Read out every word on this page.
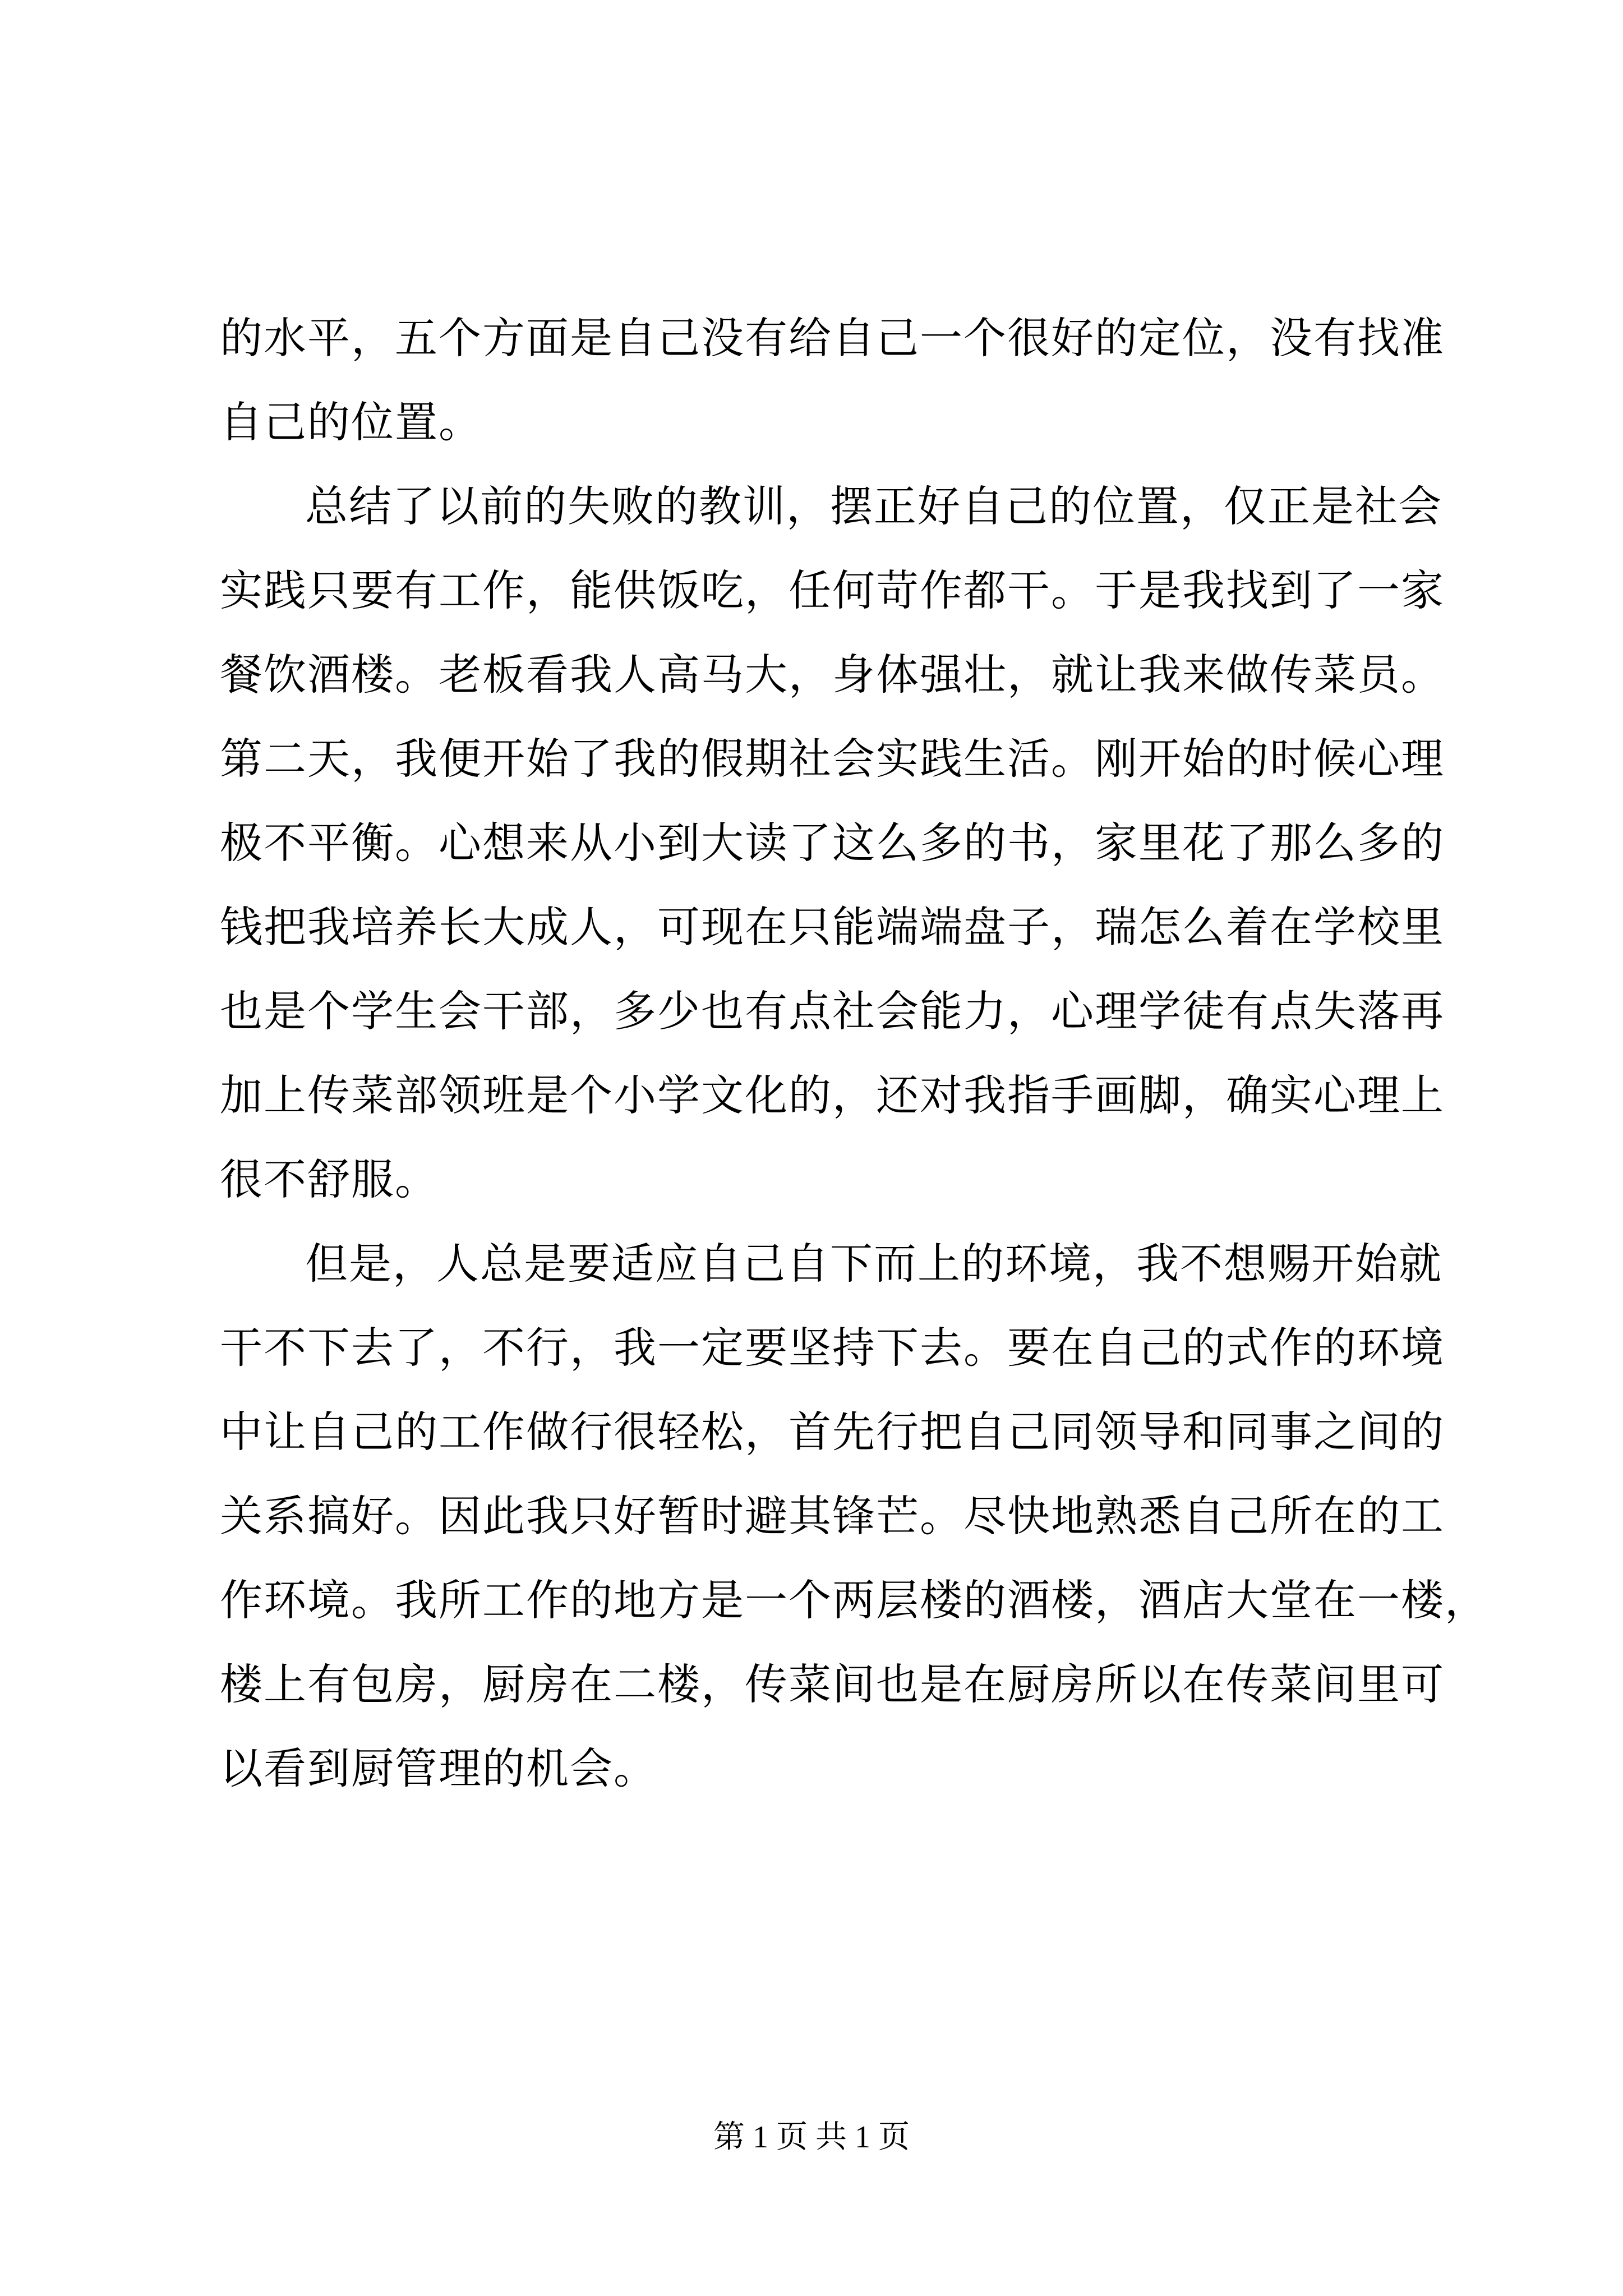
的水平，五个方面是自己没有给自己一个很好的定位，没有找准
自己的位置。
总结了以前的失败的教训，摆正好自己的位置，仅正是社会
实践只要有工作，能供饭吃，任何苛作都干。于是我找到了一家
餐饮酒楼。老板看我人高马大，身体强壮，就让我来做传菜员。
第二天，我便开始了我的假期社会实践生活。刚开始的时候心理
极不平衡。心想来从小到大读了这么多的书，家里花了那么多的
钱把我培养长大成人，可现在只能端端盘子，瑞怎么着在学校里
也是个学生会干部，多少也有点社会能力，心理学徒有点失落再
加上传菜部领班是个小学文化的，还对我指手画脚，确实心理上
很不舒服。
但是，人总是要适应自己自下而上的环境，我不想赐开始就
干不下去了，不行，我一定要坚持下去。要在自己的式作的环境
中让自己的工作做行很轻松，首先行把自己同领导和同事之间的
关系搞好。因此我只好暂时避其锋芒。尽快地熟悉自己所在的工
作环境。我所工作的地方是一个两层楼的酒楼，酒店大堂在一楼，
楼上有包房，厨房在二楼，传菜间也是在厨房所以在传菜间里可
以看到厨管理的机会。
第 1 页 共 1 页
